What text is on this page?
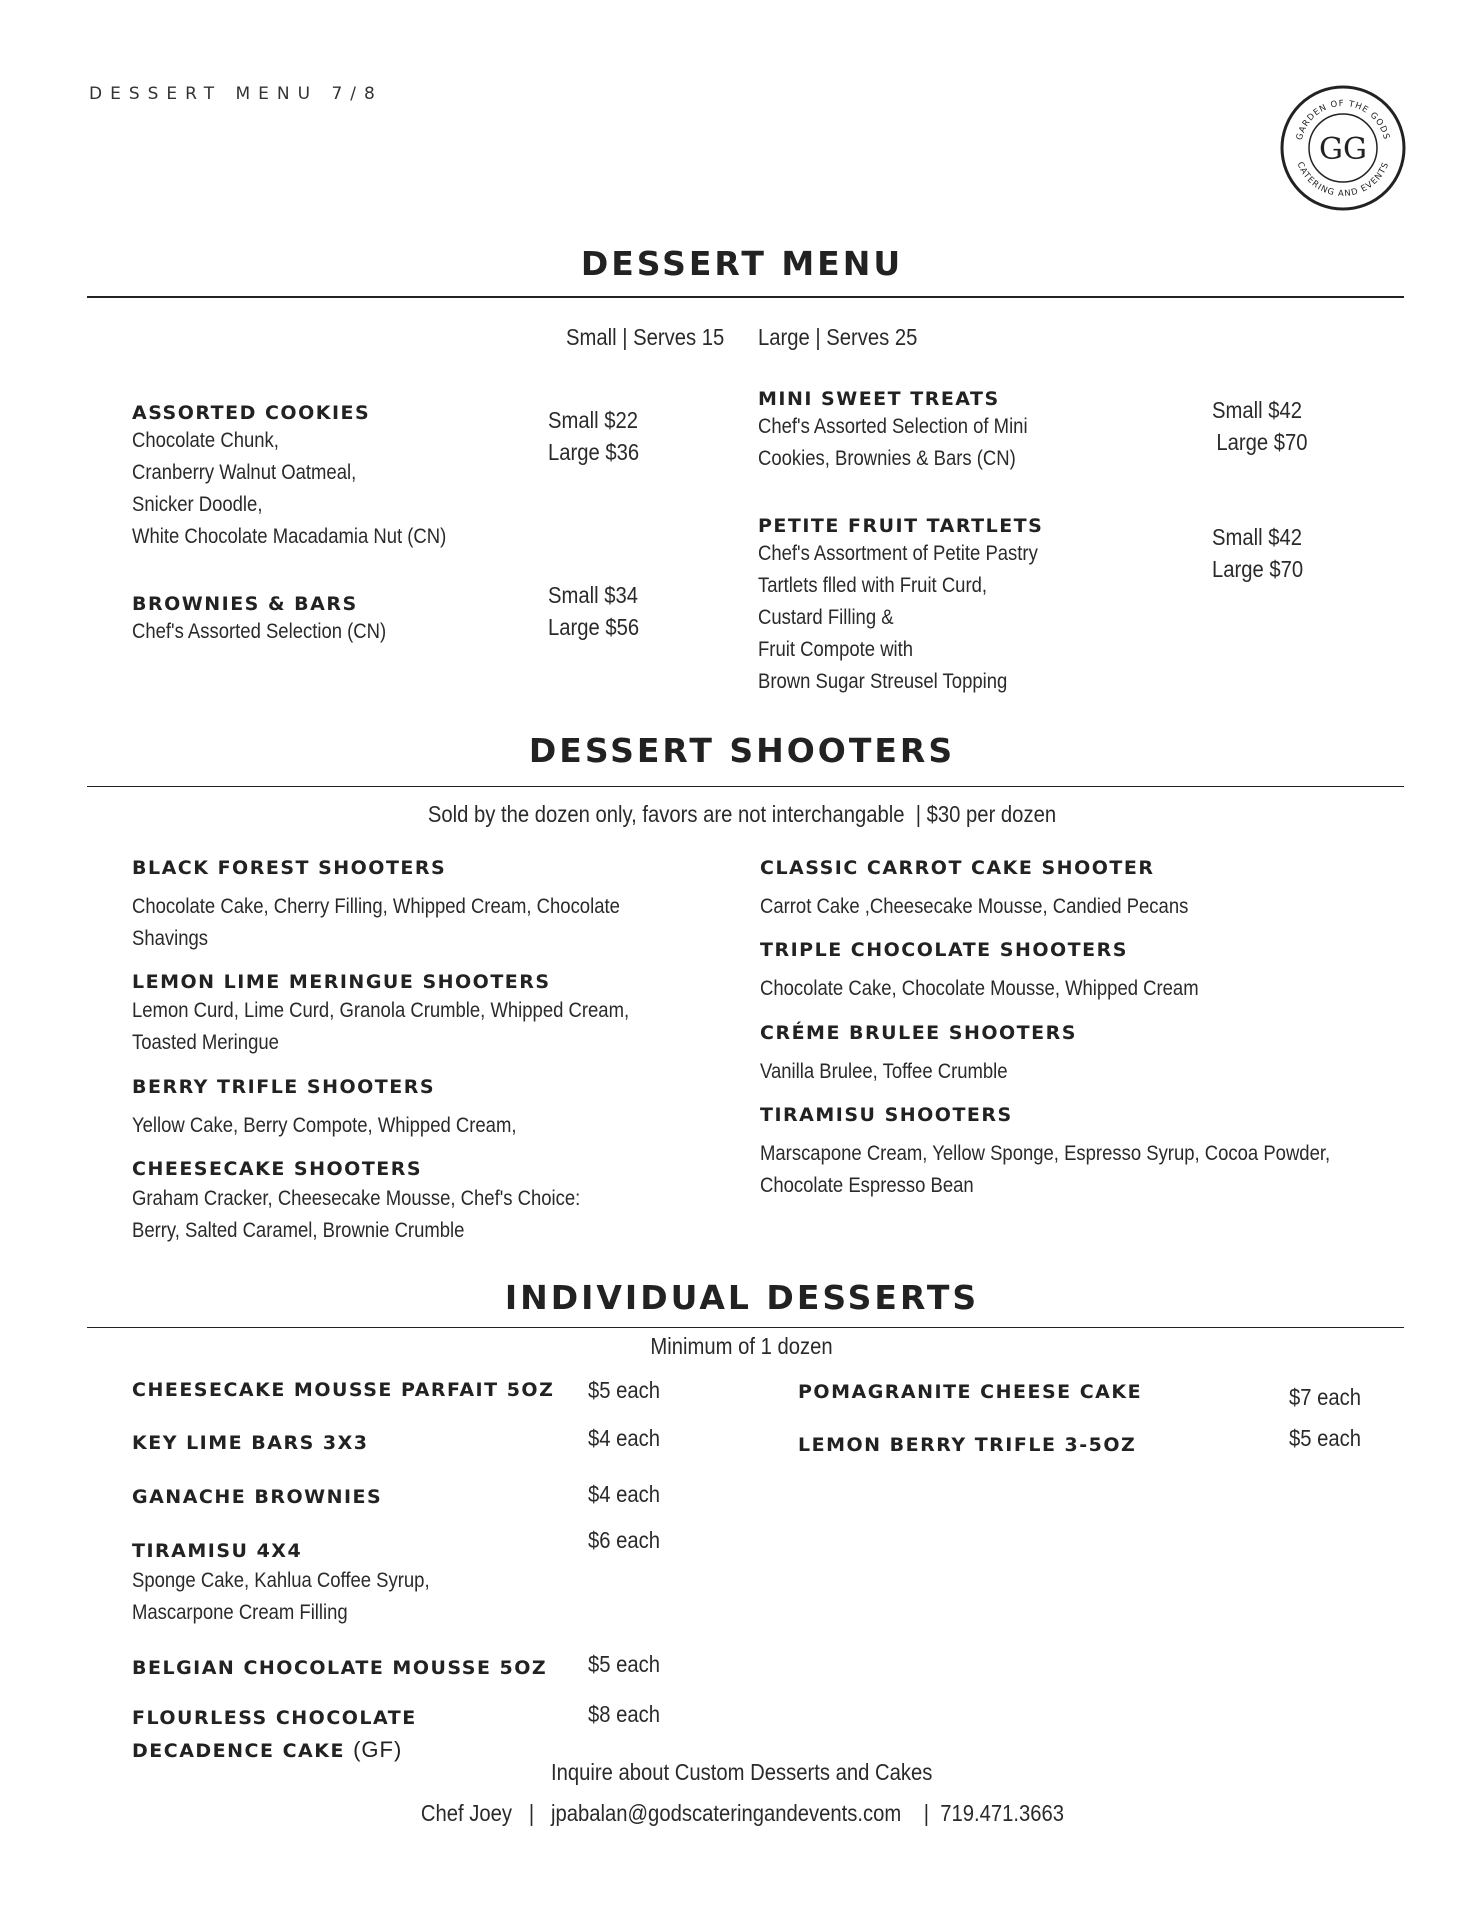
DESSERT MENU 7/8
GARDEN OF THE GODS
CATERING AND EVENTS
GG
DESSERT MENU
Small | Serves 15      Large | Serves 25
ASSORTED COOKIES
Chocolate Chunk,
Cranberry Walnut Oatmeal,
Snicker Doodle,
White Chocolate Macadamia Nut (CN)
Small $22
Large $36
BROWNIES & BARS
Chef's Assorted Selection (CN)
Small $34
Large $56
MINI SWEET TREATS
Chef's Assorted Selection of Mini
Cookies, Brownies & Bars (CN)
Small $42
Large $70
PETITE FRUIT TARTLETS
Chef's Assortment of Petite Pastry
Tartlets flled with Fruit Curd,
Custard Filling &
Fruit Compote with
Brown Sugar Streusel Topping
Small $42
Large $70
DESSERT SHOOTERS
Sold by the dozen only, favors are not interchangable  | $30 per dozen
BLACK FOREST SHOOTERS
Chocolate Cake, Cherry Filling, Whipped Cream, Chocolate
Shavings
LEMON LIME MERINGUE SHOOTERS
Lemon Curd, Lime Curd, Granola Crumble, Whipped Cream,
Toasted Meringue
BERRY TRIFLE SHOOTERS
Yellow Cake, Berry Compote, Whipped Cream,
CHEESECAKE SHOOTERS
Graham Cracker, Cheesecake Mousse, Chef's Choice:
Berry, Salted Caramel, Brownie Crumble
CLASSIC CARROT CAKE SHOOTER
Carrot Cake ,Cheesecake Mousse, Candied Pecans
TRIPLE CHOCOLATE SHOOTERS
Chocolate Cake, Chocolate Mousse, Whipped Cream
CRÉME BRULEE SHOOTERS
Vanilla Brulee, Toffee Crumble
TIRAMISU SHOOTERS
Marscapone Cream, Yellow Sponge, Espresso Syrup, Cocoa Powder,
Chocolate Espresso Bean
INDIVIDUAL DESSERTS
Minimum of 1 dozen
CHEESECAKE MOUSSE PARFAIT 5OZ $5 each
KEY LIME BARS 3X3	$4 each
GANACHE BROWNIES	$4 each
TIRAMISU 4X4	$6 each
Sponge Cake, Kahlua Coffee Syrup,
Mascarpone Cream Filling
BELGIAN CHOCOLATE MOUSSE 5OZ $5 each
FLOURLESS CHOCOLATE
DECADENCE CAKE (GF)
$8 each
POMAGRANITE CHEESE CAKE	$7 each
LEMON BERRY TRIFLE 3-5OZ	$5 each
Inquire about Custom Desserts and Cakes
Chef Joey   |   jpabalan@godscateringandevents.com    |  719.471.3663
